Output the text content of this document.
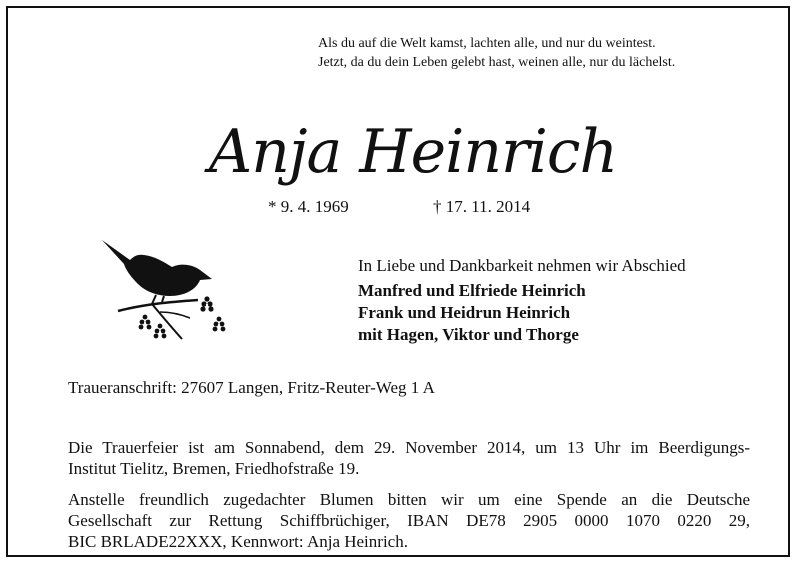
Als du auf die Welt kamst, lachten alle, und nur du weintest.
Jetzt, da du dein Leben gelebt hast, weinen alle, nur du lächelst.
Anja Heinrich
* 9. 4. 1969	† 17. 11. 2014
In Liebe und Dankbarkeit nehmen wir Abschied
Manfred und Elfriede Heinrich
Frank und Heidrun Heinrich
mit Hagen, Viktor und Thorge
Traueranschrift: 27607 Langen, Fritz-Reuter-Weg 1 A
Die Trauerfeier ist am Sonnabend, dem 29. November 2014, um 13 Uhr im Beerdigungs-
Institut Tielitz, Bremen, Friedhofstraße 19.
Anstelle freundlich zugedachter Blumen bitten wir um eine Spende an die Deutsche
Gesellschaft zur Rettung Schiffbrüchiger, IBAN DE78 2905 0000 1070 0220 29,
BIC BRLADE22XXX, Kennwort: Anja Heinrich.
